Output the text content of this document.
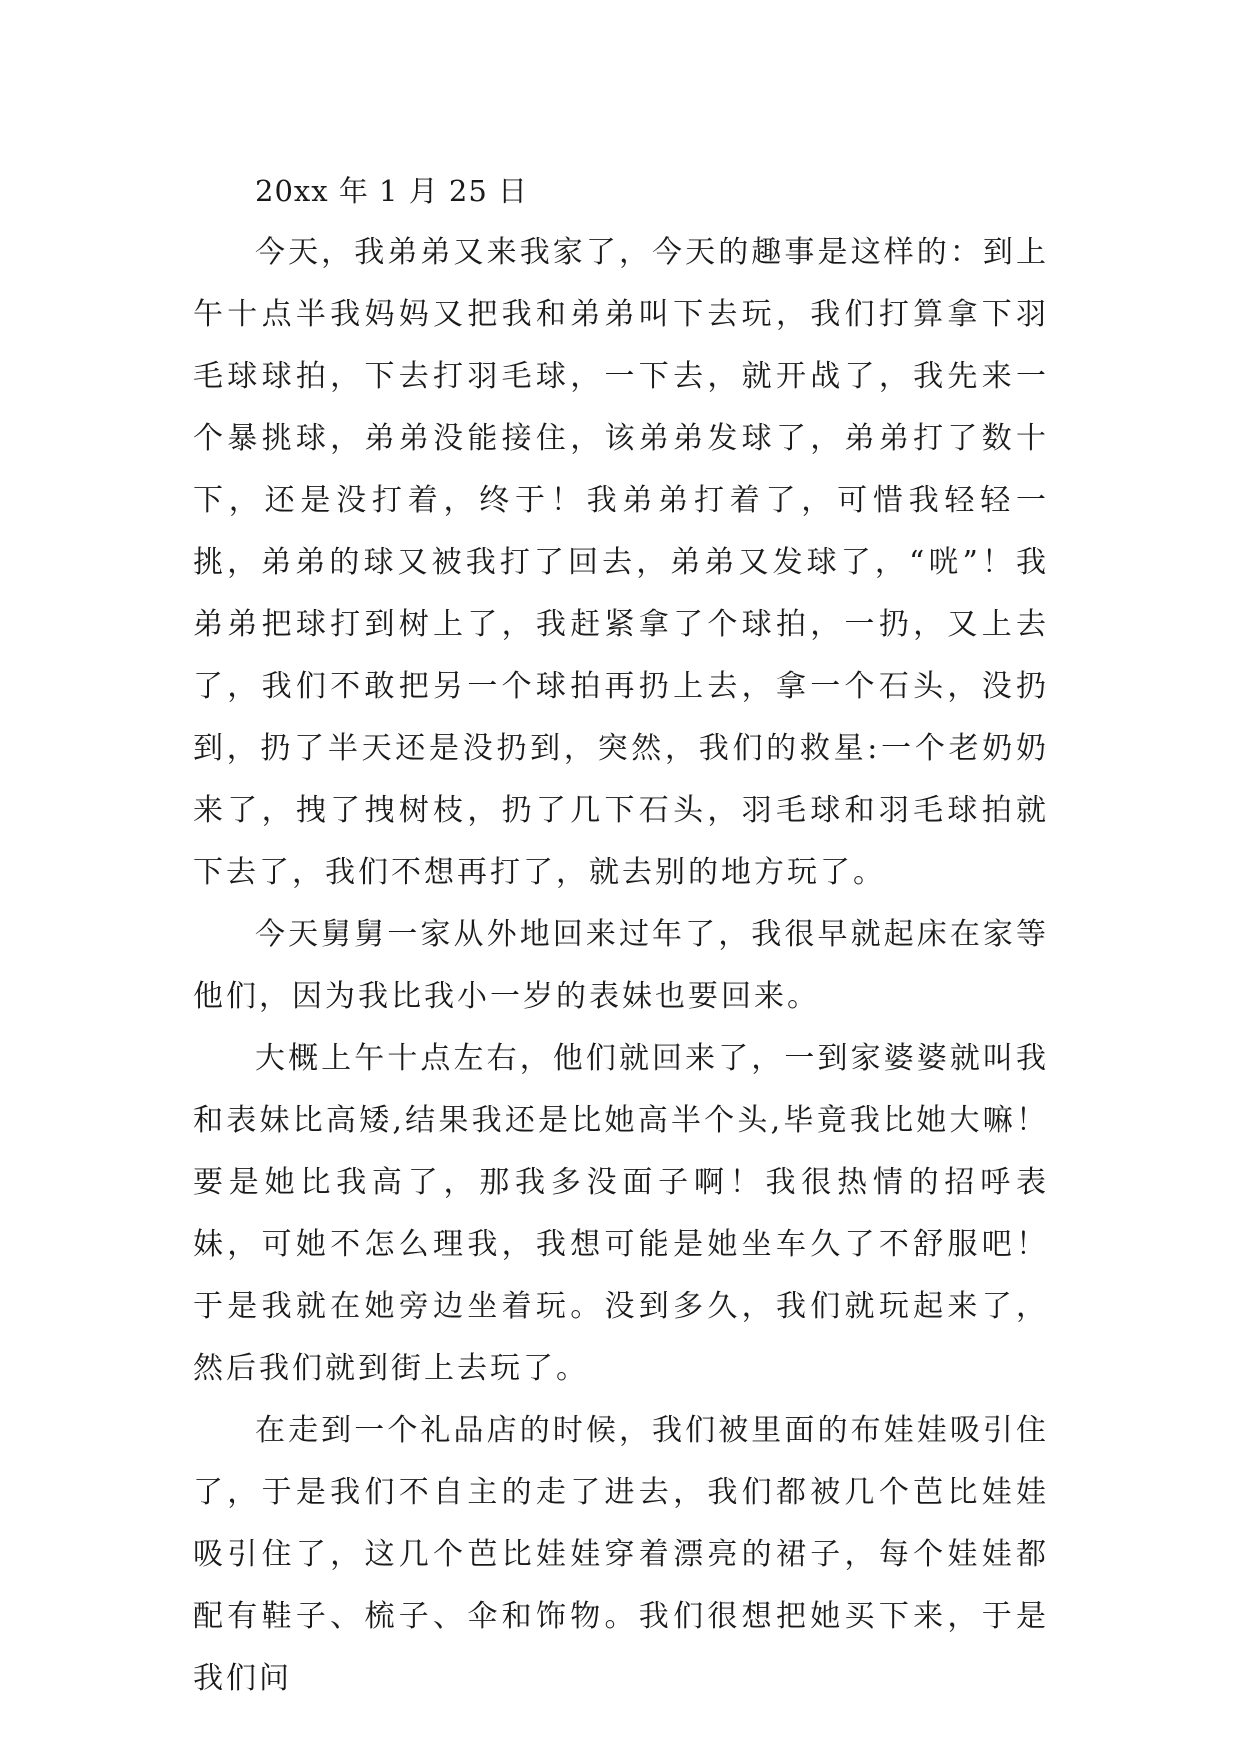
20xx 年 1 月 25 日

今天，我弟弟又来我家了，今天的趣事是这样的：到上午十点半我妈妈又把我和弟弟叫下去玩，我们打算拿下羽毛球球拍，下去打羽毛球，一下去，就开战了，我先来一个暴挑球，弟弟没能接住，该弟弟发球了，弟弟打了数十下，还是没打着，终于！我弟弟打着了，可惜我轻轻一挑，弟弟的球又被我打了回去，弟弟又发球了，“咣”！我弟弟把球打到树上了，我赶紧拿了个球拍，一扔，又上去了，我们不敢把另一个球拍再扔上去，拿一个石头，没扔到，扔了半天还是没扔到，突然，我们的救星:一个老奶奶来了，拽了拽树枝，扔了几下石头，羽毛球和羽毛球拍就下去了，我们不想再打了，就去别的地方玩了。

今天舅舅一家从外地回来过年了，我很早就起床在家等他们，因为我比我小一岁的表妹也要回来。

大概上午十点左右，他们就回来了，一到家婆婆就叫我和表妹比高矮,结果我还是比她高半个头,毕竟我比她大嘛！要是她比我高了，那我多没面子啊！我很热情的招呼表妹，可她不怎么理我，我想可能是她坐车久了不舒服吧！于是我就在她旁边坐着玩。没到多久，我们就玩起来了，然后我们就到街上去玩了。

在走到一个礼品店的时候，我们被里面的布娃娃吸引住了，于是我们不自主的走了进去，我们都被几个芭比娃娃吸引住了，这几个芭比娃娃穿着漂亮的裙子，每个娃娃都配有鞋子、梳子、伞和饰物。我们很想把她买下来，于是我们问
